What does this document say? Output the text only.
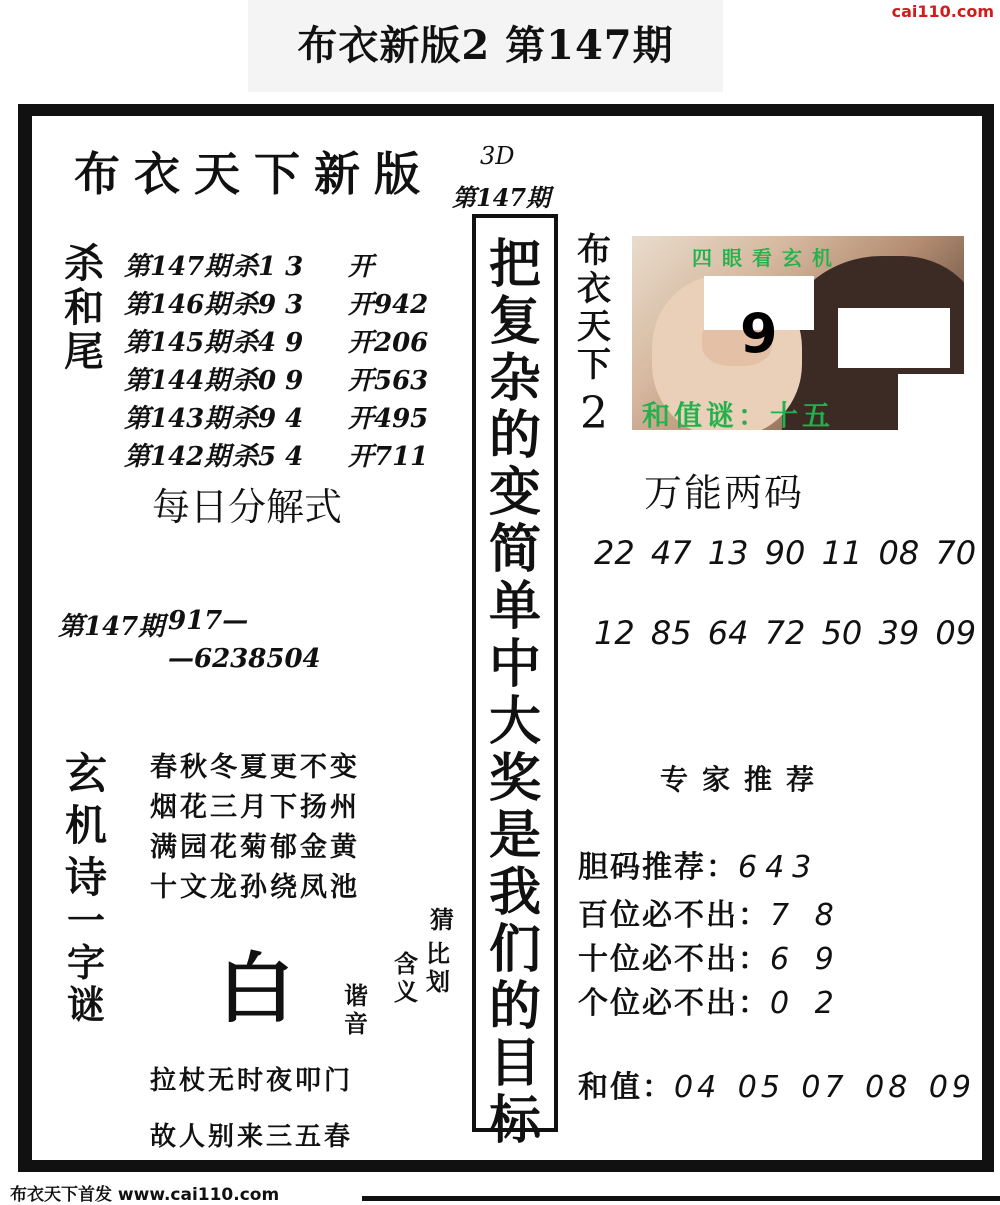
cai110.com
布衣新版2 第147期
布衣天下新版 3D
第147期
杀和尾
第147期 杀1 3	开
第146期 杀9 3	开942
第145期 杀4 9	开206
第144期 杀0 9	开563
第143期 杀9 4	开495
第142期 杀5 4	开711
每日分解式
第147期 917—
—6238504
玄机诗
春秋冬夏更不变
烟花三月下扬州
满园花菊郁金黄
十文龙孙绕凤池
一字谜 白
猜
比划
含义
谐音
拉杖无时夜叩门
故人别来三五春
把复杂的变简单
中大奖是我们的目标
布衣天下
2
四眼看玄机
9
和值谜：十五
万能两码
22 47 13 90 11 08 70
12 85 64 72 50 39 09
专家推荐
胆码推荐：643
百位必不出：7 8
十位必不出：6 9
个位必不出：0 2
和值：04 05 07 08 09
布衣天下首发 www.cai110.com
